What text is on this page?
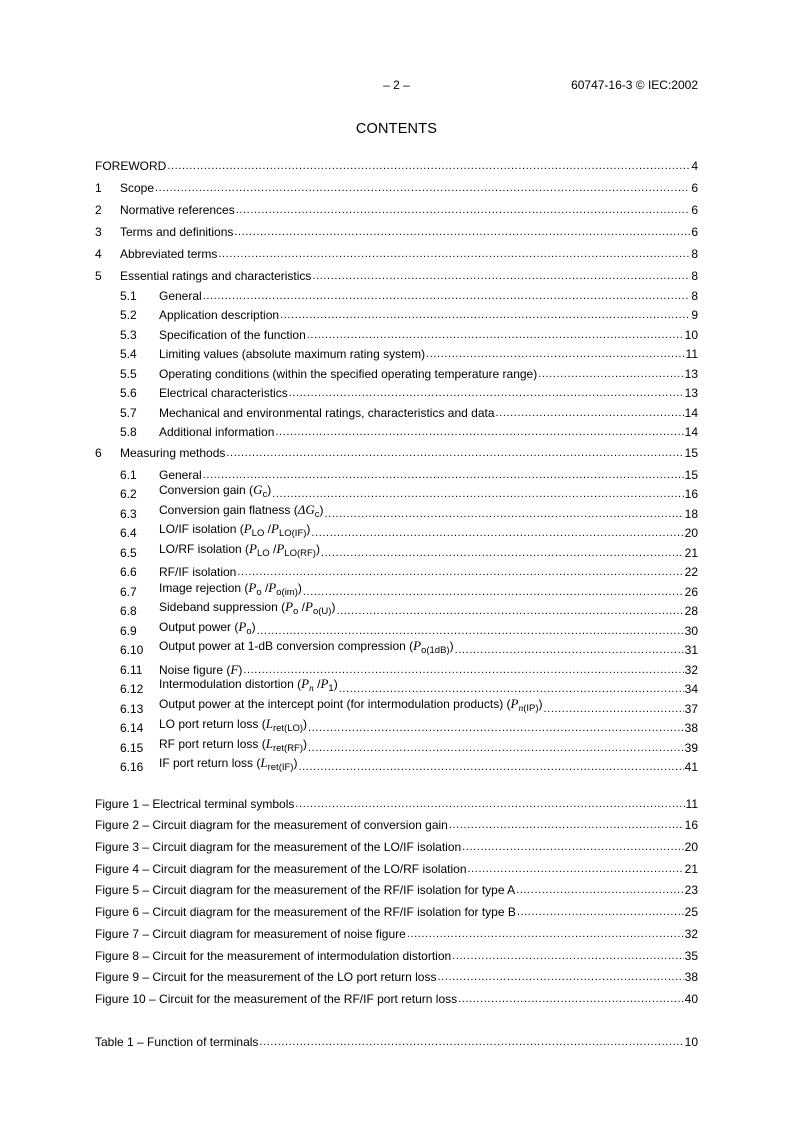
– 2 –	60747-16-3 © IEC:2002
CONTENTS
FOREWORD .....	4
1 Scope .....	6
2 Normative references .....	6
3 Terms and definitions .....	6
4 Abbreviated terms .....	8
5 Essential ratings and characteristics .....	8
5.1 General .....	8
5.2 Application description .....	9
5.3 Specification of the function .....	10
5.4 Limiting values (absolute maximum rating system) .....	11
5.5 Operating conditions (within the specified operating temperature range) .....	13
5.6 Electrical characteristics .....	13
5.7 Mechanical and environmental ratings, characteristics and data .....	14
5.8 Additional information .....	14
6 Measuring methods .....	15
6.1 General .....	15
6.2 Conversion gain $(G_c)$ .....	16
6.3 Conversion gain flatness $(\Delta G_c)$ .....	18
6.4 LO/IF isolation ($P_{LO}$ $/P_{LO(IF)}$) .....	20
6.5 LO/RF isolation ($P_{LO}$ $/P_{LO(RF)}$) .....	21
6.6 RF/IF isolation .....	22
6.7 Image rejection ($P_o$ $/P_{o(im)}$) .....	26
6.8 Sideband suppression ($P_o$ $/P_{o(U)}$) .....	28
6.9 Output power $(P_o)$ .....	30
6.10 Output power at 1-dB conversion compression $(P_{o(1dB)})$ .....	31
6.11 Noise figure (F) .....	32
6.12 Intermodulation distortion ($P_n$ $/P_1$) .....	34
6.13 Output power at the intercept point (for intermodulation products) $(P_{n(IP)})$ .....	37
6.14 LO port return loss $(L_{ret(LO)})$ .....	38
6.15 RF port return loss $(L_{ret(RF)})$ .....	39
6.16 IF port return loss $(L_{ret(IF)})$ .....	41
Figure 1 – Electrical terminal symbols .....	11
Figure 2 – Circuit diagram for the measurement of conversion gain .....	16
Figure 3 – Circuit diagram for the measurement of the LO/IF isolation .....	20
Figure 4 – Circuit diagram for the measurement of the LO/RF isolation .....	21
Figure 5 – Circuit diagram for the measurement of the RF/IF isolation for type A .....	23
Figure 6 – Circuit diagram for the measurement of the RF/IF isolation for type B .....	25
Figure 7 – Circuit diagram for measurement of noise figure .....	32
Figure 8 – Circuit for the measurement of intermodulation distortion .....	35
Figure 9 – Circuit for the measurement of the LO port return loss .....	38
Figure 10 – Circuit for the measurement of the RF/IF port return loss .....	40
Table 1 – Function of terminals .....	10
